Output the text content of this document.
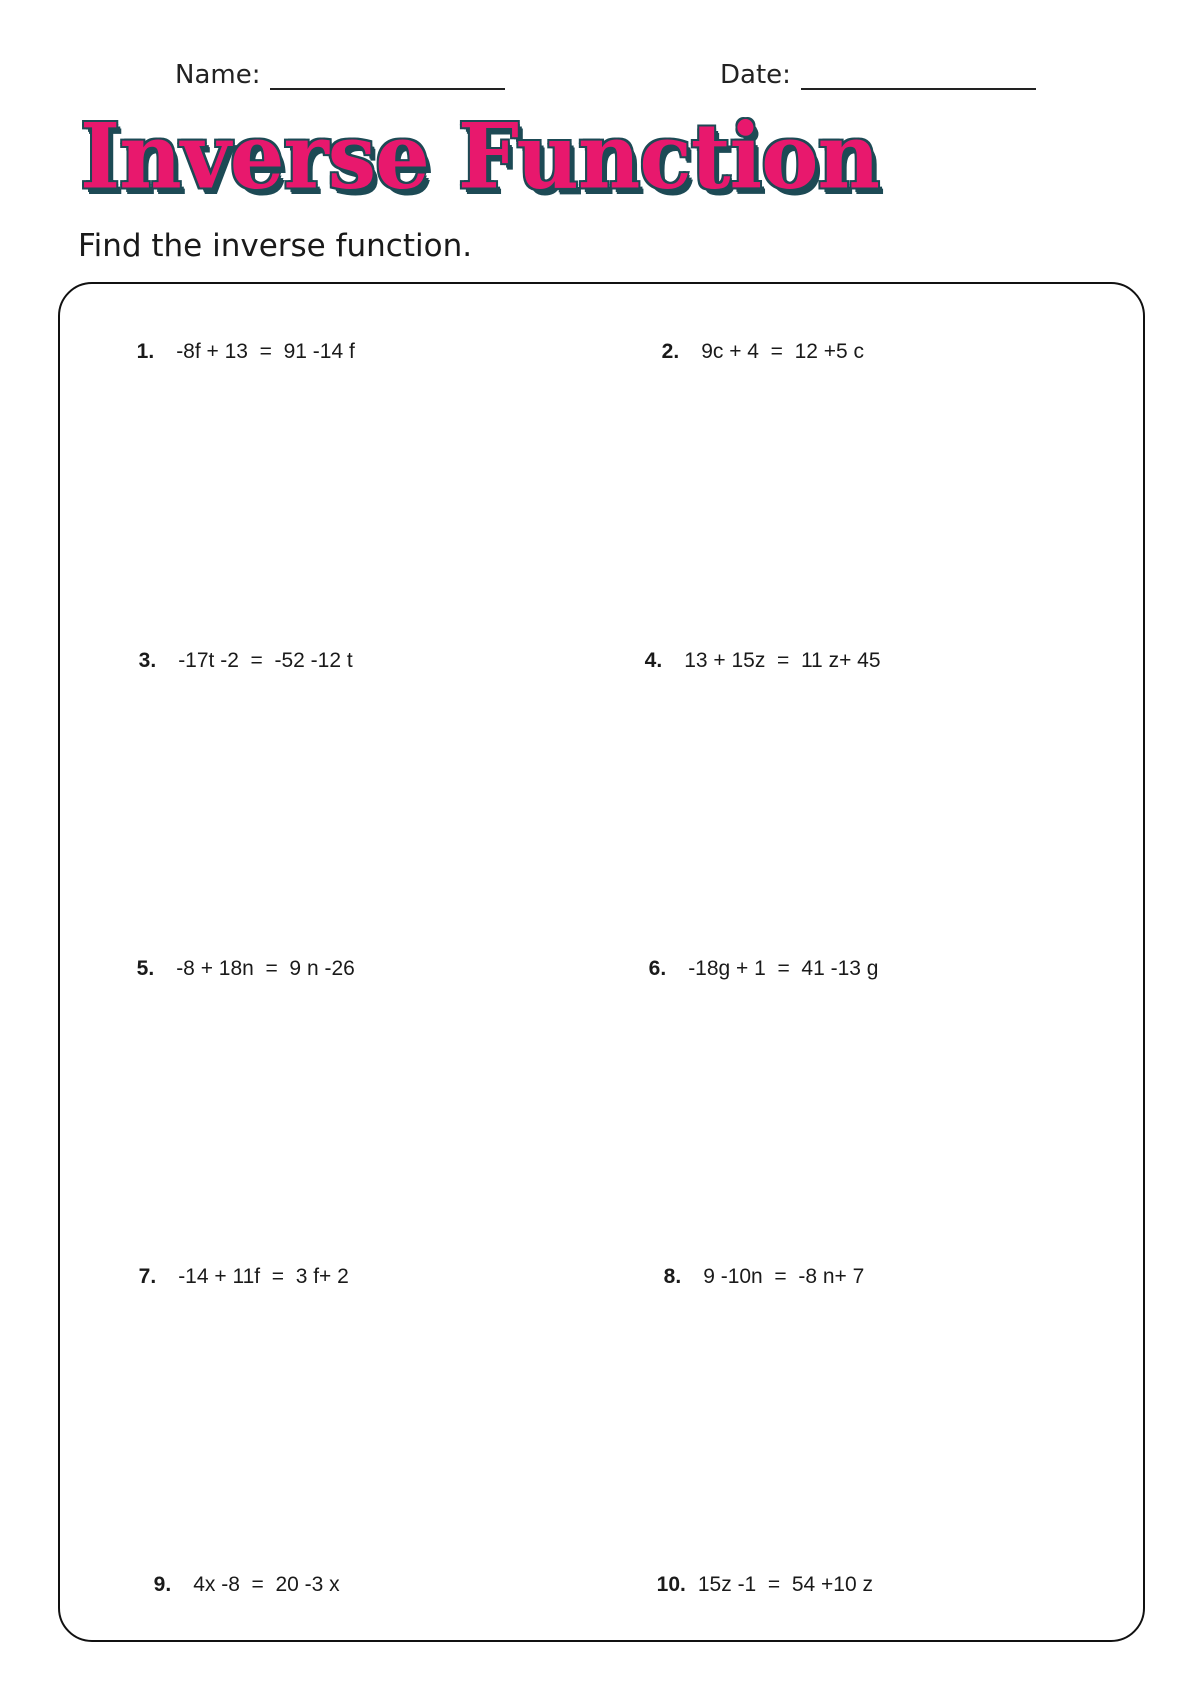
Name:	Date:
Inverse Function

Find the inverse function.

1. -8f + 13  =  91 -14 f	2. 9c + 4  =  12 +5 c

3. -17t -2  =  -52 -12 t	4. 13 + 15z  =  11 z+ 45

5. -8 + 18n  =  9 n -26	6. -18g + 1  =  41 -13 g

7. -14 + 11f  =  3 f+ 2	8. 9 -10n  =  -8 n+ 7

9. 4x -8  =  20 -3 x	10. 15z -1  =  54 +10 z
